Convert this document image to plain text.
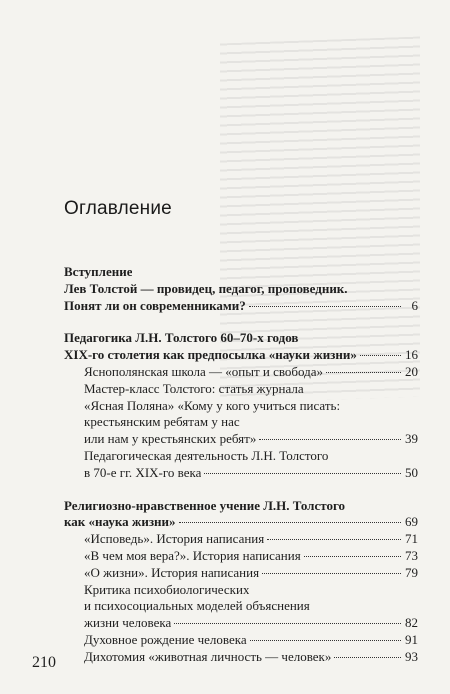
Оглавление
Вступление
Лев Толстой — провидец, педагог, проповедник.
Понят ли он современниками?	6
Педагогика Л.Н. Толстого 60–70-х годов
XIX-го столетия как предпосылка «науки жизни»	16
Яснополянская школа — «опыт и свобода»	20
Мастер-класс Толстого: статья журнала
«Ясная Поляна» «Кому у кого учиться писать:
крестьянским ребятам у нас
или нам у крестьянских ребят»	39
Педагогическая деятельность Л.Н. Толстого
в 70-е гг. XIX-го века	50
Религиозно-нравственное учение Л.Н. Толстого
как «наука жизни»	69
«Исповедь». История написания	71
«В чем моя вера?». История написания	73
«О жизни». История написания	79
Критика психобиологических
и психосоциальных моделей объяснения
жизни человека	82
Духовное рождение человека	91
Дихотомия «животная личность — человек»	93
210
